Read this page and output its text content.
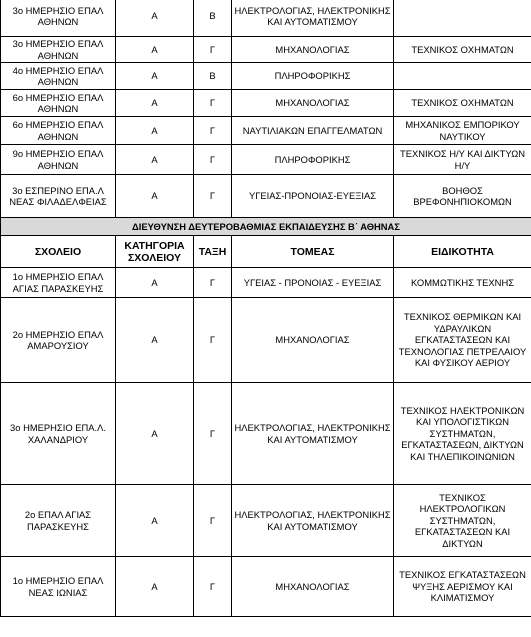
3ο ΗΜΕΡΗΣΙΟ ΕΠΑΛ ΑΘΗΝΩΝ	Α	Β	ΗΛΕΚΤΡΟΛΟΓΙΑΣ, ΗΛΕΚΤΡΟΝΙΚΗΣ ΚΑΙ ΑΥΤΟΜΑΤΙΣΜΟΥ	
3ο ΗΜΕΡΗΣΙΟ ΕΠΑΛ ΑΘΗΝΩΝ	Α	Γ	ΜΗΧΑΝΟΛΟΓΙΑΣ	ΤΕΧΝΙΚΟΣ ΟΧΗΜΑΤΩΝ
4ο ΗΜΕΡΗΣΙΟ ΕΠΑΛ ΑΘΗΝΩΝ	Α	Β	ΠΛΗΡΟΦΟΡΙΚΗΣ	
6ο ΗΜΕΡΗΣΙΟ ΕΠΑΛ ΑΘΗΝΩΝ	Α	Γ	ΜΗΧΑΝΟΛΟΓΙΑΣ	ΤΕΧΝΙΚΟΣ ΟΧΗΜΑΤΩΝ
6ο ΗΜΕΡΗΣΙΟ ΕΠΑΛ ΑΘΗΝΩΝ	Α	Γ	ΝΑΥΤΙΛΙΑΚΩΝ ΕΠΑΓΓΕΛΜΑΤΩΝ	ΜΗΧΑΝΙΚΟΣ ΕΜΠΟΡΙΚΟΥ ΝΑΥΤΙΚΟΥ
9ο ΗΜΕΡΗΣΙΟ ΕΠΑΛ ΑΘΗΝΩΝ	Α	Γ	ΠΛΗΡΟΦΟΡΙΚΗΣ	ΤΕΧΝΙΚΟΣ Η/Υ ΚΑΙ ΔΙΚΤΥΩΝ Η/Υ
3ο ΕΣΠΕΡΙΝΟ ΕΠΑ.Λ ΝΕΑΣ ΦΙΛΑΔΕΛΦΕΙΑΣ	Α	Γ	ΥΓΕΙΑΣ-ΠΡΟΝΟΙΑΣ-ΕΥΕΞΙΑΣ	ΒΟΗΘΟΣ ΒΡΕΦΟΝΗΠΙΟΚΟΜΩΝ
ΔΙΕΥΘΥΝΣΗ ΔΕΥΤΕΡΟΒΑΘΜΙΑΣ ΕΚΠΑΙΔΕΥΣΗΣ Β΄ ΑΘΗΝΑΣ				
ΣΧΟΛΕΙΟ	ΚΑΤΗΓΟΡΙΑ ΣΧΟΛΕΙΟΥ	ΤΑΞΗ	ΤΟΜΕΑΣ	ΕΙΔΙΚΟΤΗΤΑ
1ο ΗΜΕΡΗΣΙΟ ΕΠΑΛ ΑΓΙΑΣ ΠΑΡΑΣΚΕΥΗΣ	Α	Γ	ΥΓΕΙΑΣ - ΠΡΟΝΟΙΑΣ - ΕΥΕΞΙΑΣ	ΚΟΜΜΩΤΙΚΗΣ ΤΕΧΝΗΣ
2ο ΗΜΕΡΗΣΙΟ ΕΠΑΛ ΑΜΑΡΟΥΣΙΟΥ	Α	Γ	ΜΗΧΑΝΟΛΟΓΙΑΣ	ΤΕΧΝΙΚΟΣ ΘΕΡΜΙΚΩΝ ΚΑΙ ΥΔΡΑΥΛΙΚΩΝ ΕΓΚΑΤΑΣΤΑΣΕΩΝ ΚΑΙ ΤΕΧΝΟΛΟΓΙΑΣ ΠΕΤΡΕΛΑΙΟΥ ΚΑΙ ΦΥΣΙΚΟΥ ΑΕΡΙΟΥ
3ο ΗΜΕΡΗΣΙΟ ΕΠΑ.Λ. ΧΑΛΑΝΔΡΙΟΥ	Α	Γ	ΗΛΕΚΤΡΟΛΟΓΙΑΣ, ΗΛΕΚΤΡΟΝΙΚΗΣ ΚΑΙ ΑΥΤΟΜΑΤΙΣΜΟΥ	ΤΕΧΝΙΚΟΣ ΗΛΕΚΤΡΟΝΙΚΩΝ ΚΑΙ ΥΠΟΛΟΓΙΣΤΙΚΩΝ ΣΥΣΤΗΜΑΤΩΝ, ΕΓΚΑΤΑΣΤΑΣΕΩΝ, ΔΙΚΤΥΩΝ ΚΑΙ ΤΗΛΕΠΙΚΟΙΝΩΝΙΩΝ
2ο ΕΠΑΛ ΑΓΙΑΣ ΠΑΡΑΣΚΕΥΗΣ	Α	Γ	ΗΛΕΚΤΡΟΛΟΓΙΑΣ, ΗΛΕΚΤΡΟΝΙΚΗΣ ΚΑΙ ΑΥΤΟΜΑΤΙΣΜΟΥ	ΤΕΧΝΙΚΟΣ ΗΛΕΚΤΡΟΛΟΓΙΚΩΝ ΣΥΣΤΗΜΑΤΩΝ, ΕΓΚΑΤΑΣΤΑΣΕΩΝ ΚΑΙ ΔΙΚΤΥΩΝ
1ο ΗΜΕΡΗΣΙΟ ΕΠΑΛ ΝΕΑΣ ΙΩΝΙΑΣ	Α	Γ	ΜΗΧΑΝΟΛΟΓΙΑΣ	ΤΕΧΝΙΚΟΣ ΕΓΚΑΤΑΣΤΑΣΕΩΝ ΨΥΞΗΣ ΑΕΡΙΣΜΟΥ ΚΑΙ ΚΛΙΜΑΤΙΣΜΟΥ
